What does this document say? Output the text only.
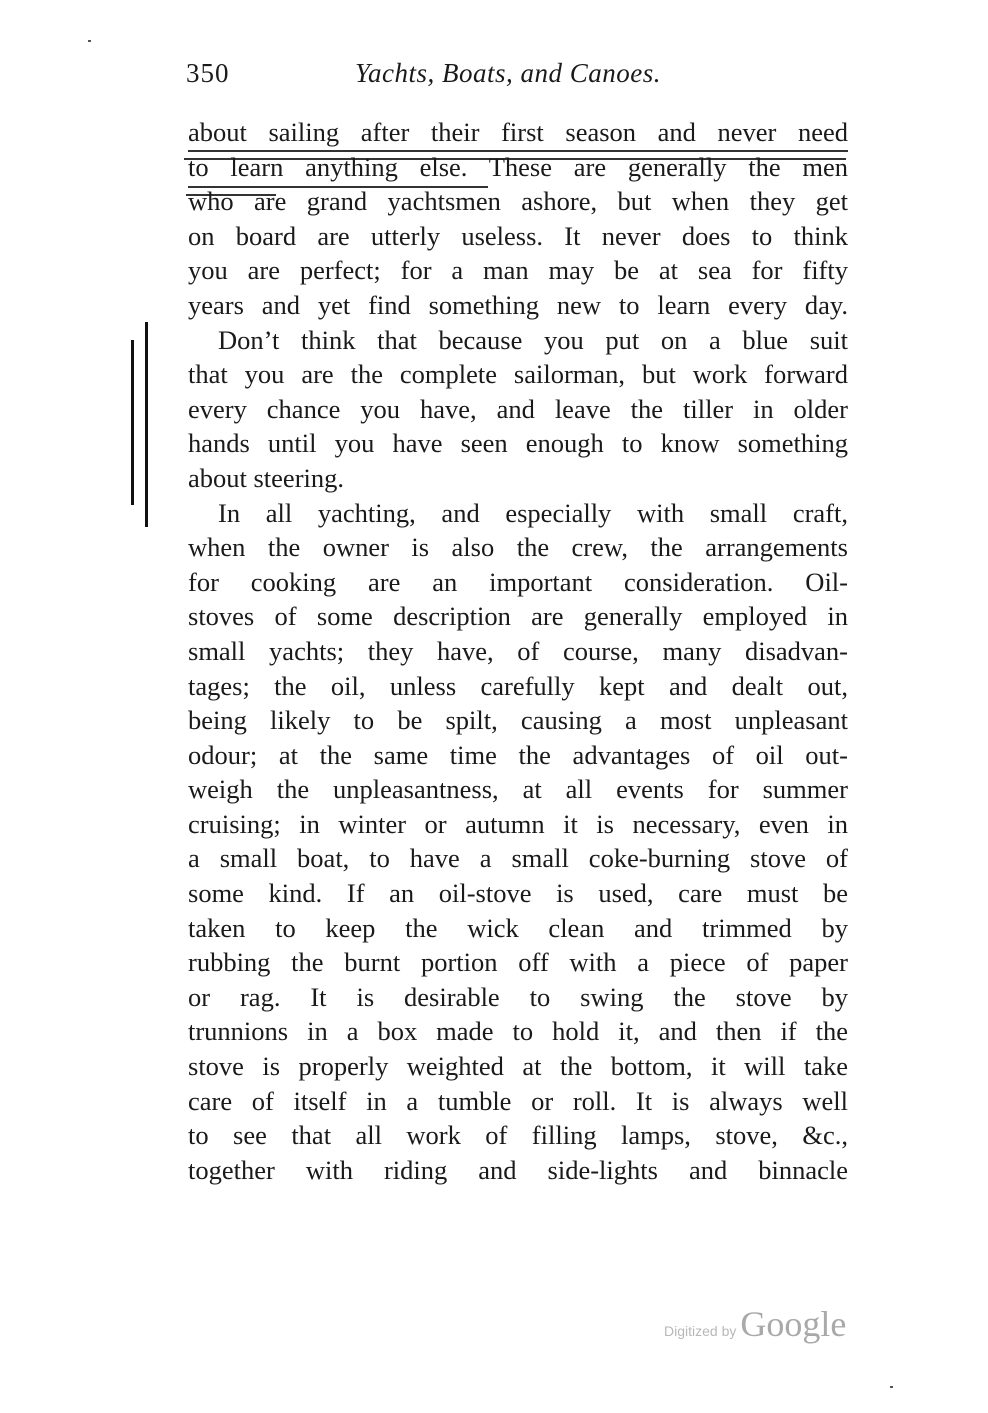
350	Yachts, Boats, and Canoes.
about sailing after their first season and never need
to learn anything else. These are generally the men
who are grand yachtsmen ashore, but when they get
on board are utterly useless. It never does to think
you are perfect; for a man may be at sea for fifty
years and yet find something new to learn every day.
Don’t think that because you put on a blue suit
that you are the complete sailorman, but work forward
every chance you have, and leave the tiller in older
hands until you have seen enough to know something
about steering.
In all yachting, and especially with small craft,
when the owner is also the crew, the arrangements
for cooking are an important consideration. Oil-
stoves of some description are generally employed in
small yachts; they have, of course, many disadvan-
tages; the oil, unless carefully kept and dealt out,
being likely to be spilt, causing a most unpleasant
odour; at the same time the advantages of oil out-
weigh the unpleasantness, at all events for summer
cruising; in winter or autumn it is necessary, even in
a small boat, to have a small coke-burning stove of
some kind. If an oil-stove is used, care must be
taken to keep the wick clean and trimmed by
rubbing the burnt portion off with a piece of paper
or rag. It is desirable to swing the stove by
trunnions in a box made to hold it, and then if the
stove is properly weighted at the bottom, it will take
care of itself in a tumble or roll. It is always well
to see that all work of filling lamps, stove, &c.,
together with riding and side-lights and binnacle
Digitized by Google
